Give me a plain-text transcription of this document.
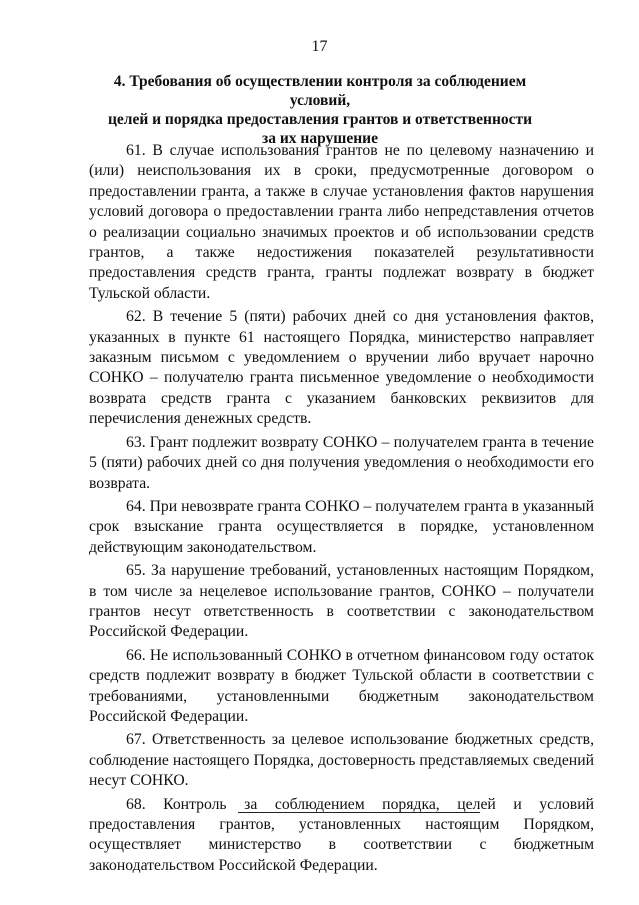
17
4. Требования об осуществлении контроля за соблюдением условий,
целей и порядка предоставления грантов и ответственности
за их нарушение

61. В случае использования грантов не по целевому назначению и (или) неиспользования их в сроки, предусмотренные договором о предоставлении гранта, а также в случае установления фактов нарушения условий договора о предоставлении гранта либо непредставления отчетов о реализации социально значимых проектов и об использовании средств грантов, а также недостижения показателей результативности предоставления средств гранта, гранты подлежат возврату в бюджет Тульской области.

62. В течение 5 (пяти) рабочих дней со дня установления фактов, указанных в пункте 61 настоящего Порядка, министерство направляет заказным письмом с уведомлением о вручении либо вручает нарочно СОНКО – получателю гранта письменное уведомление о необходимости возврата средств гранта с указанием банковских реквизитов для перечисления денежных средств.

63. Грант подлежит возврату СОНКО – получателем гранта в течение 5 (пяти) рабочих дней со дня получения уведомления о необходимости его возврата.

64. При невозврате гранта СОНКО – получателем гранта в указанный срок взыскание гранта осуществляется в порядке, установленном действующим законодательством.

65. За нарушение требований, установленных настоящим Порядком, в том числе за нецелевое использование грантов, СОНКО – получатели грантов несут ответственность в соответствии с законодательством Российской Федерации.

66. Не использованный СОНКО в отчетном финансовом году остаток средств подлежит возврату в бюджет Тульской области в соответствии с требованиями, установленными бюджетным законодательством Российской Федерации.

67. Ответственность за целевое использование бюджетных средств, соблюдение настоящего Порядка, достоверность представляемых сведений несут СОНКО.

68. Контроль за соблюдением порядка, целей и условий предоставления грантов, установленных настоящим Порядком, осуществляет министерство в соответствии с бюджетным законодательством Российской Федерации.
